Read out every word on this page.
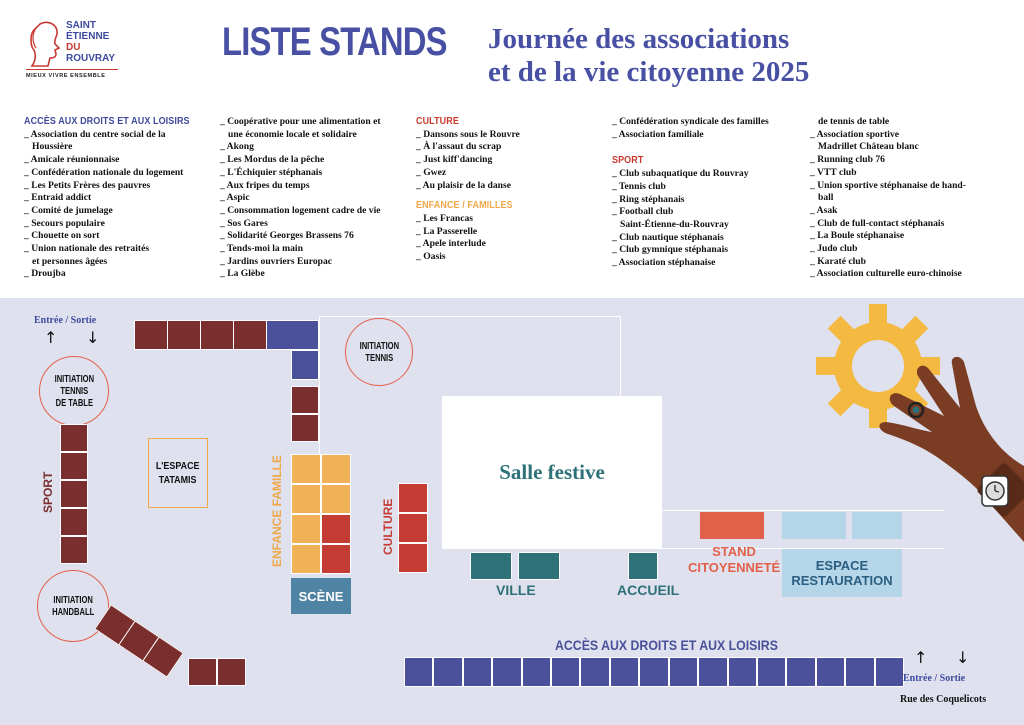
SAINT
ÉTIENNE
DU
ROUVRAY
MIEUX VIVRE ENSEMBLE
LISTE STANDS Journée des associations
et de la vie citoyenne 2025
ACCÈS AUX DROITS ET AUX LOISIRS
_ Association du centre social de la
Houssière
_ Amicale réunionnaise
_ Confédération nationale du logement
_ Les Petits Frères des pauvres
_ Entraid addict
_ Comité de jumelage
_ Secours populaire
_ Chouette on sort
_ Union nationale des retraités
et personnes âgées
_ Droujba
_ Coopérative pour une alimentation et
une économie locale et solidaire
_ Akong
_ Les Mordus de la pêche
_ L'Échiquier stéphanais
_ Aux fripes du temps
_ Aspic
_ Consommation logement cadre de vie
_ Sos Gares
_ Solidarité Georges Brassens 76
_ Tends-moi la main
_ Jardins ouvriers Europac
_ La Glèbe
CULTURE
_ Dansons sous le Rouvre
_ À l'assaut du scrap
_ Just kiff'dancing
_ Gwez
_ Au plaisir de la danse
ENFANCE / FAMILLES
_ Les Francas
_ La Passerelle
_ Apele interlude
_ Oasis
_ Confédération syndicale des familles
_ Association familiale
SPORT
_ Club subaquatique du Rouvray
_ Tennis club
_ Ring stéphanais
_ Football club
Saint-Étienne-du-Rouvray
_ Club nautique stéphanais
_ Club gymnique stéphanais
_ Association stéphanaise
de tennis de table
_ Association sportive
Madrillet Château blanc
_ Running club 76
_ VTT club
_ Union sportive stéphanaise de hand-
ball
_ Asak
_ Club de full-contact stéphanais
_ La Boule stéphanaise
_ Judo club
_ Karaté club
_ Association culturelle euro-chinoise
Entrée / Sortie
↑ ↓
INITIATION
TENNIS
DE TABLE
INITIATION
TENNIS
SPORT
L'ESPACE
TATAMIS	ENFANCE FAMILLE
SCÈNE
CULTURE
Salle festive
VILLE	ACCUEIL
STAND
CITOYENNETÉ	ESPACE
RESTAURATION
INITIATION
HANDBALL
ACCÈS AUX DROITS ET AUX LOISIRS
↑ ↓
Entrée / Sortie
Rue des Coquelicots
